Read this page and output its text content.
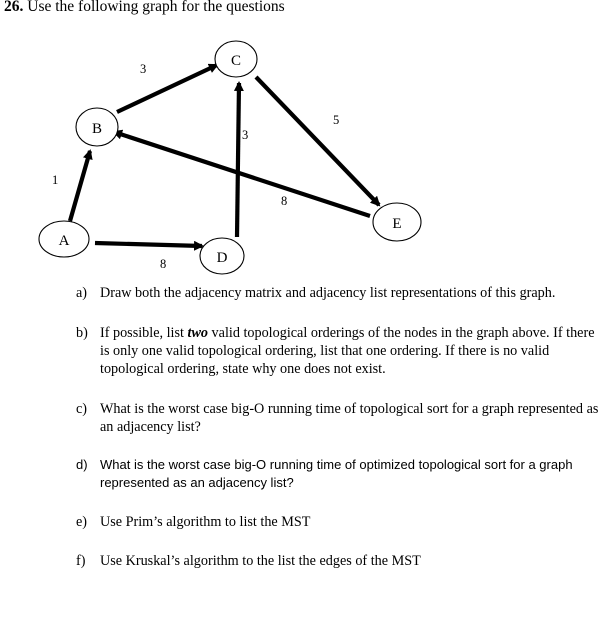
26. Use the following graph for the questions
1
3
3
5
8
8
A
B
C
D
E
a) Draw both the adjacency matrix and adjacency list representations of this graph.
b) If possible, list two valid topological orderings of the nodes in the graph above. If there is only one valid topological ordering, list that one ordering. If there is no valid topological ordering, state why one does not exist.
c) What is the worst case big-O running time of topological sort for a graph represented as an adjacency list?
d) What is the worst case big-O running time of optimized topological sort for a graph represented as an adjacency list?
e) Use Prim’s algorithm to list the MST
f) Use Kruskal’s algorithm to the list the edges of the MST
